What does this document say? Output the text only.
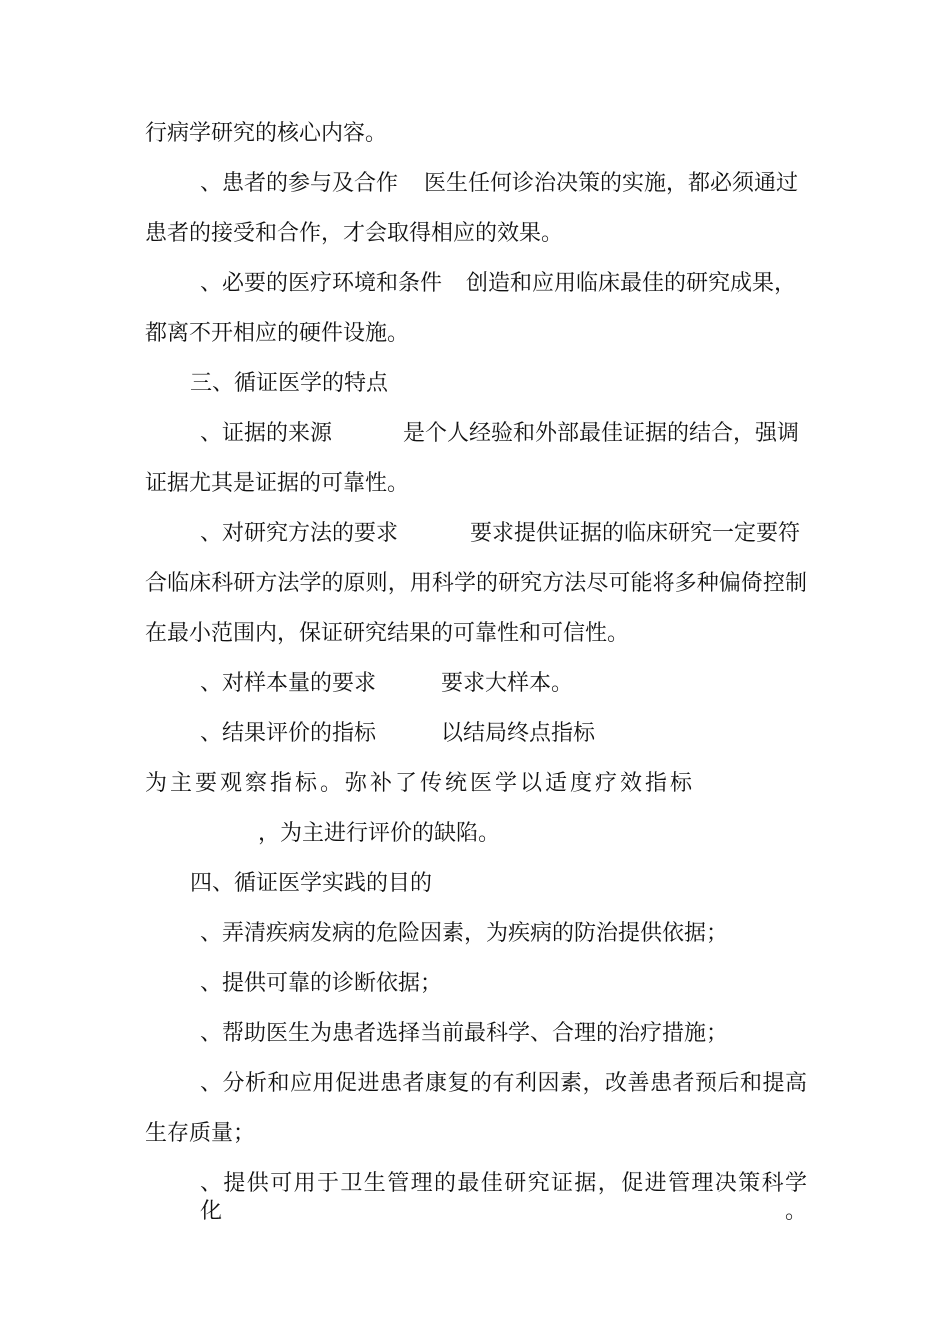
行病学研究的核心内容。
、患者的参与及合作 医生任何诊治决策的实施，都必须通过
患者的接受和合作，才会取得相应的效果。
、必要的医疗环境和条件 创造和应用临床最佳的研究成果，
都离不开相应的硬件设施。
三、循证医学的特点
、证据的来源	是个人经验和外部最佳证据的结合，强调
证据尤其是证据的可靠性。
、对研究方法的要求	要求提供证据的临床研究一定要符
合临床科研方法学的原则，用科学的研究方法尽可能将多种偏倚控制
在最小范围内，保证研究结果的可靠性和可信性。
、对样本量的要求	要求大样本。
、结果评价的指标	以结局终点指标
为主要观察指标。弥补了传统医学以适度疗效指标
，为主进行评价的缺陷。
四、循证医学实践的目的
、弄清疾病发病的危险因素，为疾病的防治提供依据；
、提供可靠的诊断依据；
、帮助医生为患者选择当前最科学、合理的治疗措施；
、分析和应用促进患者康复的有利因素，改善患者预后和提高
生存质量；
、提供可用于卫生管理的最佳研究证据，促进管理决策科学化。
